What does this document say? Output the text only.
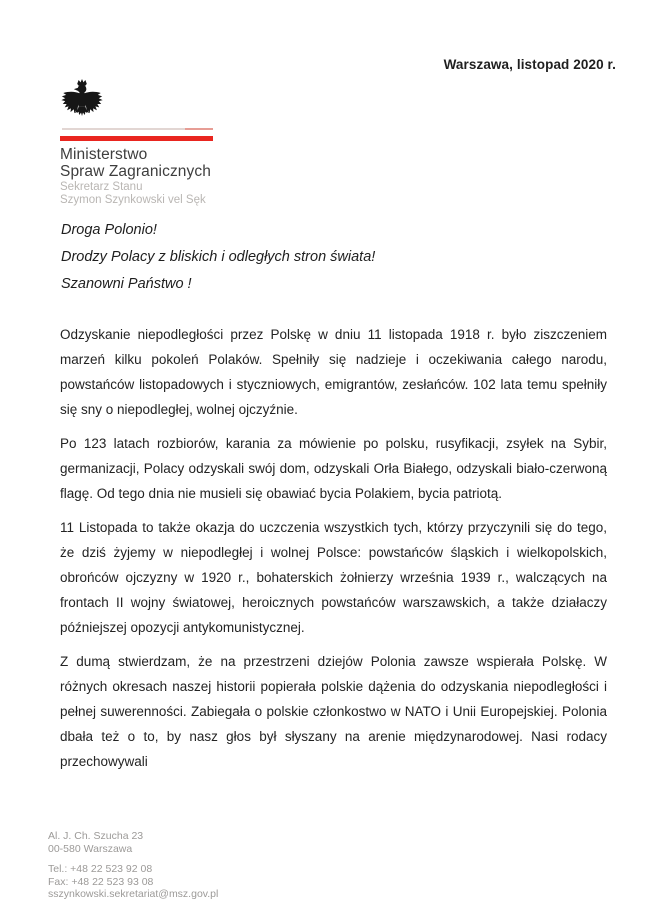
Warszawa, listopad 2020 r.
Ministerstwo
Spraw Zagranicznych
Sekretarz Stanu
Szymon Szynkowski vel Sęk
Droga Polonio!
Drodzy Polacy z bliskich i odległych stron świata!
Szanowni Państwo !

Odzyskanie niepodległości przez Polskę w dniu 11 listopada 1918 r. było ziszczeniem marzeń kilku pokoleń Polaków. Spełniły się nadzieje i oczekiwania całego narodu, powstańców listopadowych i styczniowych, emigrantów, zesłańców. 102 lata temu spełniły się sny o niepodległej, wolnej ojczyźnie.

Po 123 latach rozbiorów, karania za mówienie po polsku, rusyfikacji, zsyłek na Sybir, germanizacji, Polacy odzyskali swój dom, odzyskali Orła Białego, odzyskali biało-czerwoną flagę. Od tego dnia nie musieli się obawiać bycia Polakiem, bycia patriotą.

11 Listopada to także okazja do uczczenia wszystkich tych, którzy przyczynili się do tego, że dziś żyjemy w niepodległej i wolnej Polsce: powstańców śląskich i wielkopolskich, obrońców ojczyzny w 1920 r., bohaterskich żołnierzy września 1939 r., walczących na frontach II wojny światowej, heroicznych powstańców warszawskich, a także działaczy późniejszej opozycji antykomunistycznej.

Z dumą stwierdzam, że na przestrzeni dziejów Polonia zawsze wspierała Polskę. W różnych okresach naszej historii popierała polskie dążenia do odzyskania niepodległości i pełnej suwerenności. Zabiegała o polskie członkostwo w NATO i Unii Europejskiej. Polonia dbała też o to, by nasz głos był słyszany na arenie międzynarodowej. Nasi rodacy przechowywali

Al. J. Ch. Szucha 23
00-580 Warszawa
Tel.: +48 22 523 92 08
Fax: +48 22 523 93 08
sszynkowski.sekretariat@msz.gov.pl
